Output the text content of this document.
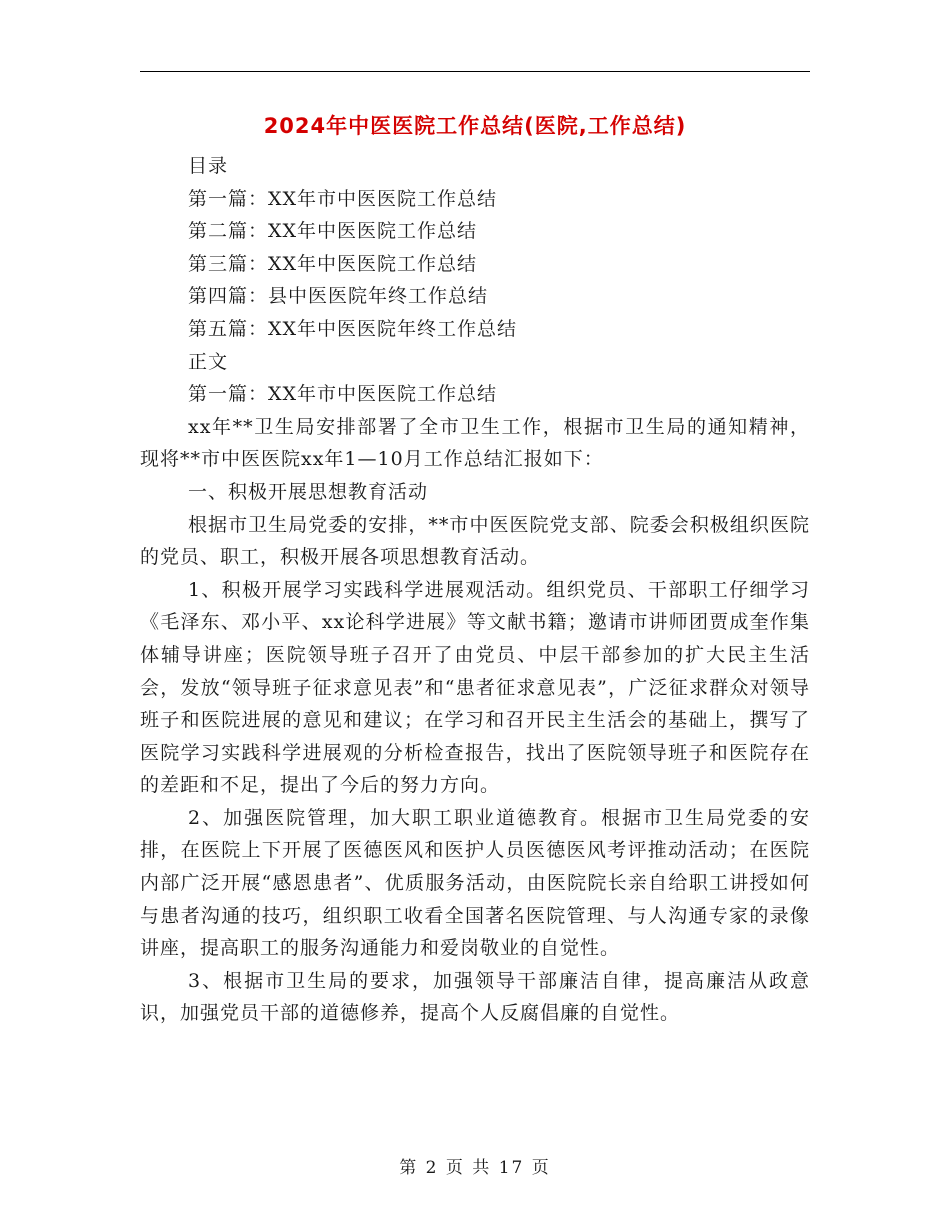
2024年中医医院工作总结(医院,工作总结)

目录

第一篇：XX年市中医医院工作总结

第二篇：XX年中医医院工作总结

第三篇：XX年中医医院工作总结

第四篇：县中医医院年终工作总结

第五篇：XX年中医医院年终工作总结

正文

第一篇：XX年市中医医院工作总结

xx年**卫生局安排部署了全市卫生工作，根据市卫生局的通知精神，现将**市中医医院xx年1—10月工作总结汇报如下：

一、积极开展思想教育活动

根据市卫生局党委的安排，**市中医医院党支部、院委会积极组织医院的党员、职工，积极开展各项思想教育活动。

1、积极开展学习实践科学进展观活动。组织党员、干部职工仔细学习《毛泽东、邓小平、xx论科学进展》等文献书籍；邀请市讲师团贾成奎作集体辅导讲座；医院领导班子召开了由党员、中层干部参加的扩大民主生活会，发放“领导班子征求意见表”和“患者征求意见表”，广泛征求群众对领导班子和医院进展的意见和建议；在学习和召开民主生活会的基础上，撰写了医院学习实践科学进展观的分析检查报告，找出了医院领导班子和医院存在的差距和不足，提出了今后的努力方向。

2、加强医院管理，加大职工职业道德教育。根据市卫生局党委的安排，在医院上下开展了医德医风和医护人员医德医风考评推动活动；在医院内部广泛开展“感恩患者”、优质服务活动，由医院院长亲自给职工讲授如何与患者沟通的技巧，组织职工收看全国著名医院管理、与人沟通专家的录像讲座，提高职工的服务沟通能力和爱岗敬业的自觉性。

3、根据市卫生局的要求，加强领导干部廉洁自律，提高廉洁从政意识，加强党员干部的道德修养，提高个人反腐倡廉的自觉性。

第 2 页 共 17 页
